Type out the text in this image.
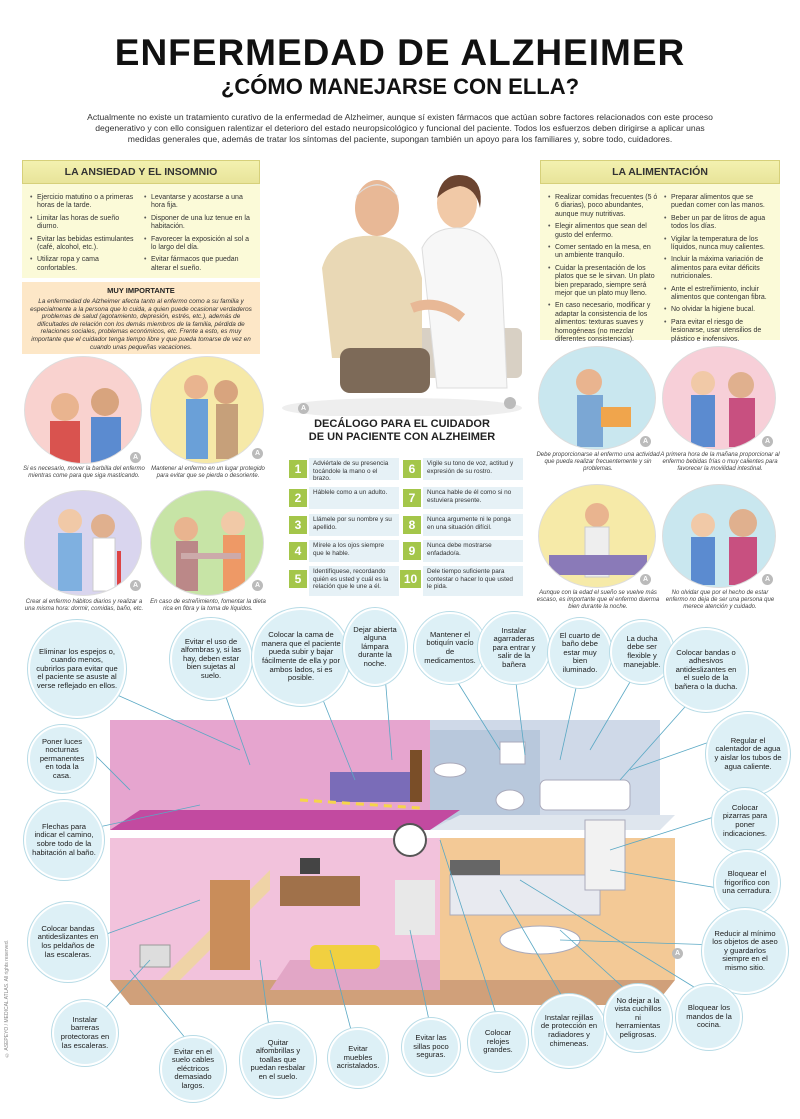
ENFERMEDAD DE ALZHEIMER
¿CÓMO MANEJARSE CON ELLA?
Actualmente no existe un tratamiento curativo de la enfermedad de Alzheimer, aunque sí existen fármacos que actúan sobre factores relacionados con este proceso degenerativo y con ello consiguen ralentizar el deterioro del estado neuropsicológico y funcional del paciente. Todos los esfuerzos deben dirigirse a aplicar unas medidas generales que, además de tratar los síntomas del paciente, supongan también un apoyo para los familiares y, sobre todo, cuidadores.
LA ANSIEDAD Y EL INSOMNIO
• Ejercicio matutino o a primeras horas de la tarde.
• Limitar las horas de sueño diurno.
• Evitar las bebidas estimulantes (café, alcohol, etc.).
• Utilizar ropa y cama confortables.
• Levantarse y acostarse a una hora fija.
• Disponer de una luz tenue en la habitación.
• Favorecer la exposición al sol a lo largo del día.
• Evitar fármacos que puedan alterar el sueño.
MUY IMPORTANTE
La enfermedad de Alzheimer afecta tanto al enfermo como a su familia y especialmente a la persona que lo cuida, a quien puede ocasionar verdaderos problemas de salud (agotamiento, depresión, estrés, etc.), además de dificultades de relación con los demás miembros de la familia, pérdida de relaciones sociales, problemas económicos, etc. Frente a esto, es muy importante que el cuidador tenga tiempo libre y que pueda tomarse de vez en cuando unas pequeñas vacaciones.
LA ALIMENTACIÓN
• Realizar comidas frecuentes (5 ó 6 diarias), poco abundantes, aunque muy nutritivas.
• Elegir alimentos que sean del gusto del enfermo.
• Comer sentado en la mesa, en un ambiente tranquilo.
• Cuidar la presentación de los platos que se le sirvan. Un plato bien preparado, siempre será mejor que un plato muy lleno.
• En caso necesario, modificar y adaptar la consistencia de los alimentos: texturas suaves y homogéneas (no mezclar diferentes consistencias).
• Preparar alimentos que se puedan comer con las manos.
• Beber un par de litros de agua todos los días.
• Vigilar la temperatura de los líquidos, nunca muy calientes.
• Incluir la máxima variación de alimentos para evitar déficits nutricionales.
• Ante el estreñimiento, incluir alimentos que contengan fibra.
• No olvidar la higiene bucal.
• Para evitar el riesgo de lesionarse, usar utensilios de plástico e inofensivos.
Si es necesario, mover la barbilla del enfermo mientras come para que siga masticando.
Mantener al enfermo en un lugar protegido para evitar que se pierda o desoriente.
Crear al enfermo hábitos diarios y realizar a una misma hora: dormir, comidas, baño, etc.
En caso de estreñimiento, fomentar la dieta rica en fibra y la toma de líquidos.
Debe proporcionarse al enfermo una actividad que pueda realizar frecuentemente y sin problemas.
A primera hora de la mañana proporcionar al enfermo bebidas frías o muy calientes para favorecer la movilidad intestinal.
Aunque con la edad el sueño se vuelve más escaso, es importante que el enfermo duerma bien durante la noche.
No olvidar que por el hecho de estar enfermo no deja de ser una persona que merece atención y cuidado.
DECÁLOGO PARA EL CUIDADOR
DE UN PACIENTE CON ALZHEIMER
1	Adviértale de su presencia tocándole la mano o el brazo.
2	Háblele como a un adulto.
3	Llámele por su nombre y su apellido.
4	Mírele a los ojos siempre que le hable.
5
Identifíquese, recordando quién es usted y cuál es la relación que le une a él.
6	Vigile su tono de voz, actitud y expresión de su rostro.
7	Nunca hable de él como si no estuviera presente.
8	Nunca argumente ni le ponga en una situación difícil.
9	Nunca debe mostrarse enfadado/a.
10
Dele tiempo suficiente para contestar o hacer lo que usted le pida.
Eliminar los espejos o, cuando menos, cubrirlos para evitar que el paciente se asuste al verse reflejado en ellos.
Evitar el uso de alfombras y, si las hay, deben estar bien sujetas al suelo.
Colocar la cama de manera que el paciente pueda subir y bajar fácilmente de ella y por ambos lados, si es posible.
Dejar abierta alguna lámpara durante la noche.
Mantener el botiquín vacío de medicamentos.
Instalar agarraderas para entrar y salir de la bañera
El cuarto de baño debe estar muy bien iluminado.
La ducha debe ser flexible y manejable.
Colocar bandas o adhesivos antideslizantes en el suelo de la bañera o la ducha.
Poner luces nocturnas permanentes en toda la casa.
Regular el calentador de agua y aislar los tubos de agua caliente.
Flechas para indicar el camino, sobre todo de la habitación al baño.
Colocar pizarras para poner indicaciones.
Bloquear el frigorífico con una cerradura.
Colocar bandas antideslizantes en los peldaños de las escaleras.
Reducir al mínimo los objetos de aseo y guardarlos siempre en el mismo sitio.
Instalar barreras protectoras en las escaleras.
Evitar en el suelo cables eléctricos demasiado largos.
Quitar alfombrillas y toallas que puedan resbalar en el suelo.
Evitar muebles acristalados.
Evitar las sillas poco seguras.
Colocar relojes grandes.
Instalar rejillas de protección en radiadores y chimeneas.
No dejar a la vista cuchillos ni herramientas peligrosas.
Bloquear los mandos de la cocina.
A
A
A	A
A
A	A
A	A
A
© ASEPEYO / MEDICAL ATLAS. All rights reserved.
